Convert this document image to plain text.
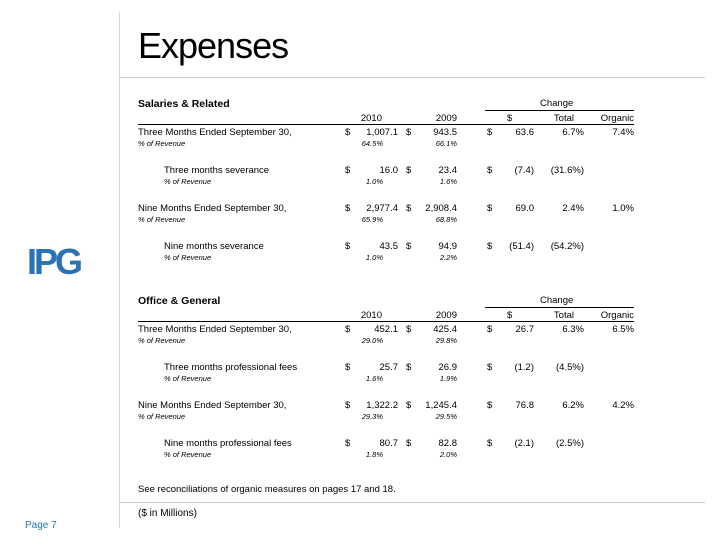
Expenses
IPG
Salaries & Related	Change
2010	2009	$	Total	Organic
Three Months Ended September 30,	$	1,007.1 $	943.5	$	63.6	6.7%	7.4%
% of Revenue	64.5%	66.1%
Three months severance	$	16.0 $	23.4	$	(7.4)	(31.6%)
% of Revenue	1.0%	1.6%
Nine Months Ended September 30,	$	2,977.4 $	2,908.4	$	69.0	2.4%	1.0%
% of Revenue	65.9%	68.8%
Nine months severance	$	43.5 $	94.9	$	(51.4)	(54.2%)
% of Revenue	1.0%	2.2%
Office & General	Change
2010	2009	$	Total	Organic
Three Months Ended September 30,	$	452.1 $	425.4	$	26.7	6.3%	6.5%
% of Revenue	29.0%	29.8%
Three months professional fees	$	25.7 $	26.9	$	(1.2)	(4.5%)
% of Revenue	1.6%	1.9%
Nine Months Ended September 30,	$	1,322.2 $	1,245.4	$	76.8	6.2%	4.2%
% of Revenue	29.3%	29.5%
Nine months professional fees	$	80.7 $	82.8	$	(2.1)	(2.5%)
% of Revenue	1.8%	2.0%
See reconciliations of organic measures on pages 17 and 18.
($ in Millions)
Page 7
